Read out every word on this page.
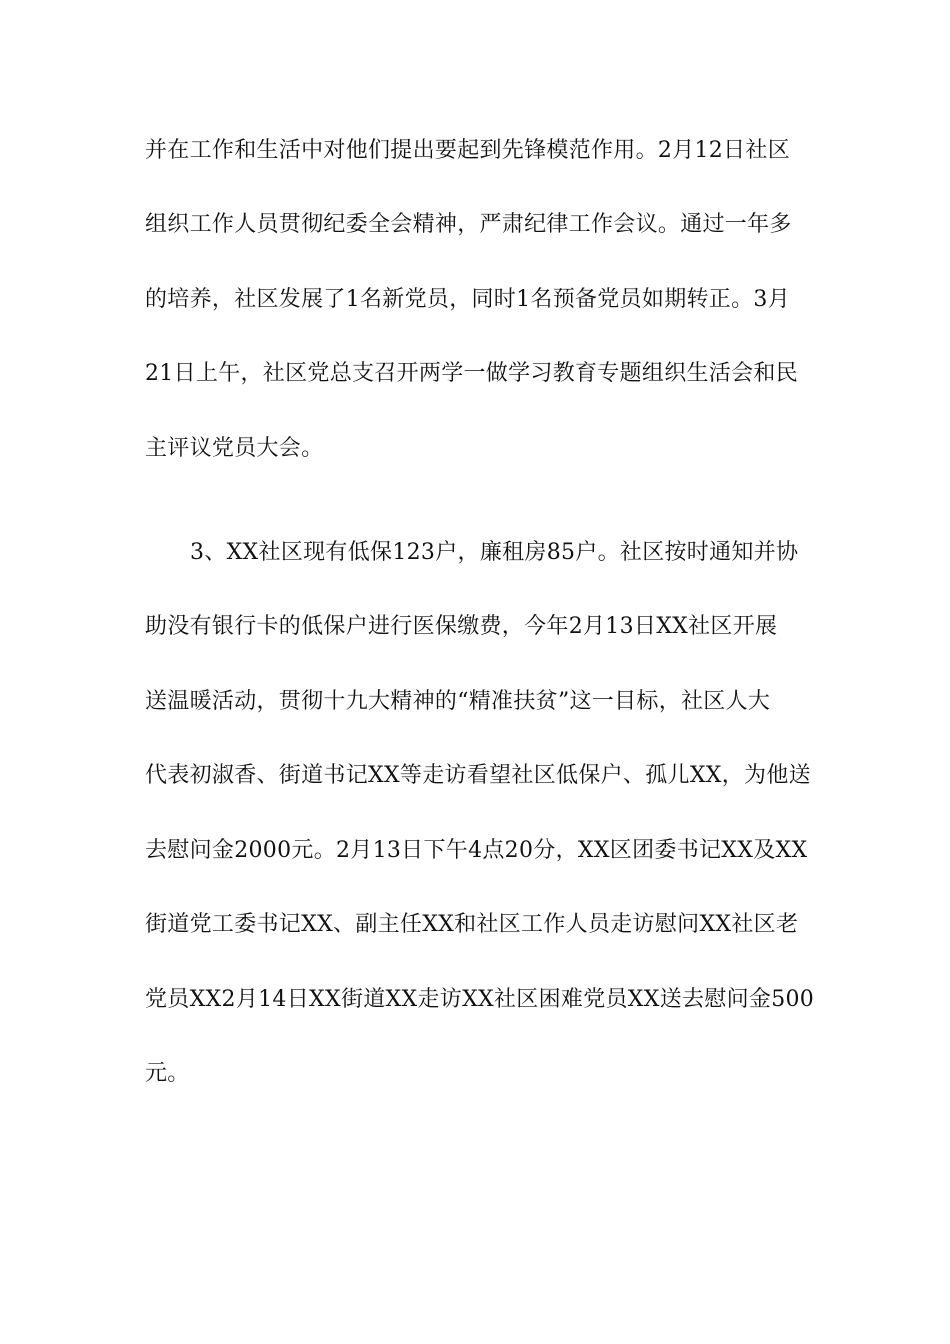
并在工作和生活中对他们提出要起到先锋模范作用。2月12日社区

组织工作人员贯彻纪委全会精神，严肃纪律工作会议。通过一年多

的培养，社区发展了1名新党员，同时1名预备党员如期转正。3月

21日上午，社区党总支召开两学一做学习教育专题组织生活会和民

主评议党员大会。

3、XX社区现有低保123户，廉租房85户。社区按时通知并协

助没有银行卡的低保户进行医保缴费，今年2月13日XX社区开展

送温暖活动，贯彻十九大精神的“精准扶贫”这一目标，社区人大

代表初淑香、街道书记XX等走访看望社区低保户、孤儿XX，为他送

去慰问金2000元。2月13日下午4点20分，XX区团委书记XX及XX

街道党工委书记XX、副主任XX和社区工作人员走访慰问XX社区老

党员XX2月14日XX街道XX走访XX社区困难党员XX送去慰问金500

元。
